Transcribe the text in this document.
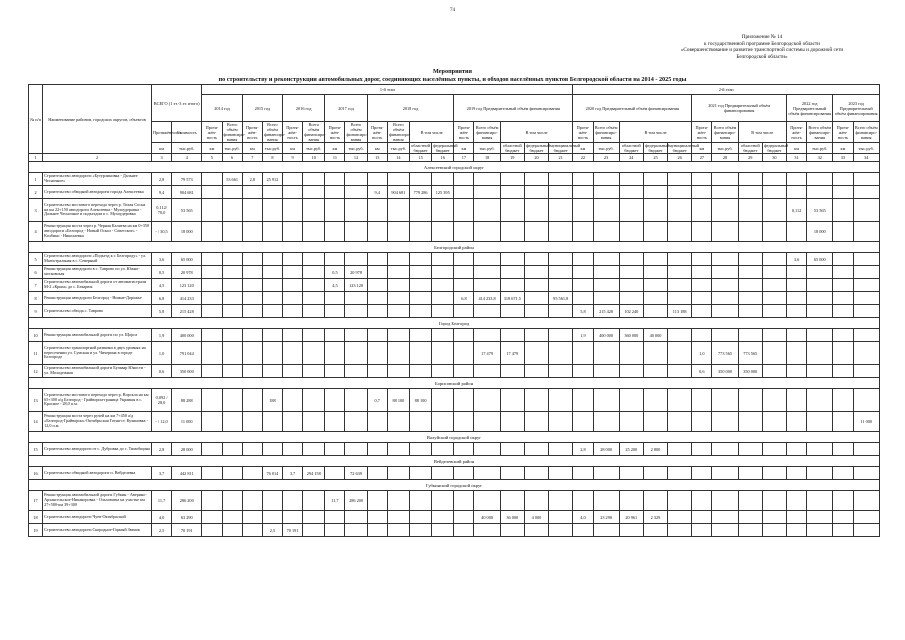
74
Приложение № 14
к государственной программе Белгородской области
«Совершенствование и развитие транспортной системы и дорожной сети
Белгородской области»
Мероприятия
по строительству и реконструкции автомобильных дорог, соединяющих населённых пункты, и обходов населённых пунктов Белгородской области на 2014 - 2025 годы
№ п/п	Наименование районов, городских округов, объектов	ВСЕГО (1 эт.-3 эт. итого)		1-й этап																	2-й этап												
				2014 год		2015 год		2016 год		2017 год		2018 год				2019 год Предварительный объём финансирования					2020 год Предварительный объём финансирования					2021 год Предварительный объём финансирования				2022 год Предварительный объём финансирования		2023 год Предварительный объём финансирования	
		Протяжённость	Стоимость	Протя-жён-ность	Всего объём финансиро-вания	Протя-жён-ность	Всего объём финансиро-вания	Протя-жён-ность	Всего объём финансиро-вания	Протя-жён-ность	Всего объём финансиро-вания	Протя-жён-ность	Всего объём финансиро-вания	В том числе		Протя-жён-ность	Всего объём финансиро-вания	В том числе			Протя-жён-ность	Всего объём финансиро-вания	В том числе			Протя-жён-ность	Всего объём финансиро-вания	В том числе		Протя-жён-ность	Всего объём финансиро-вания	Протя-жён-ность	Всего объём финансиро-вания
		км	тыс.руб.	км	тыс.руб.	км	тыс.руб.	км	тыс.руб.	км	тыс.руб.	км	тыс.руб.	областной бюджет	федеральный бюджет	км	тыс.руб.	областной бюджет	федеральный бюджет	муниципальный бюджет	км	тыс.руб.	областной бюджет	федеральный бюджет	муниципальный бюджет	км	тыс.руб.	областной бюджет	федеральный бюджет	км	тыс.руб.	км	тыс.руб.
1	2	3	4	5	6	7	8	9	10	11	12	13	14	15	16	17	18	19	20	21	22	23	24	25	26	27	28	29	30	31	32	33	34
Алексеевский городской округ																																	
1	Строительство автодороги «Бутурлиновка - Дальнее Чесночное»	2,8	79 573		53 661	2,8	25 912																										
2	Строительство обводной автодороги города Алексеевка	9,4	904 681									9,4	904 681	779 286	125 395																		
3	Строительство мостового перехода через р. Тихая Сосна на км 22+150 автодороги Алексеевка - Мухоудеровка - Дальнее Чесночное и подъездом к с. Мухоудеровка	0,112/ 70,0	53 565																											0,112	53 565		
4	Реконструкция моста через р. Черная Калитва на км 0+350 автодороги «Белгород - Новый Оскол - Советское» - Колбино - Николаевка	- / 30,5	18 000																												18 000		
Белгородский район																																	
5	Строительство автодороги «Подъезд к г. Белгороду» - ул. Магистральная в с. Северный	3,6	65 000																											3,6	65 000		
6	Реконструкция автодороги в с. Таврово по ул. Южно-московская	0,5	20 978							0,5	20 978																						
7	Строительство автомобильной дороги от автомагистрали М-2 «Крым» до с. Бекарюк	4,5	123 120							4,5	123 120																						
8	Реконструкция автодороги Белгород - Нижне-Дорожье	6,8	414 233													6,8	414 233,8	318 671,5		95 561,8													
9	Строительство обхода с. Таврово	5,8	215 428																		5,8	215 428	102 240		113 188								
Город Белгород																																	
10	Реконструкция автомобильной дороги по ул. Щорса	1,9	400 000																		1,9	400 000	360 000	40 000									
11	Строительство транспортной развязки в двух уровнях на пересечении ул. Сумская и ул. Чичерина в городе Белгороде	1,0	791 044														17 479	17 479								1,0	773 565	773 565					
12	Строительство автомобильной дороги Бульвар Юности - ул. Молодежная	0,6	350 000																							0,6	350 000	350 000					
Борисовский район																																	
13	Строительство мостового перехода через р. Ворскла на км 65+300 а/д Белгород - Грайворон-граница Украины в с. Красное - 28,0 п.м.	0,092 / 28,0	88 288				188					0,7	88 100	88 100																			
14	Реконструкция моста через ручей на км 7+450 а/д «Белгород-Грайворон»-Октябрьская Готня-ст. Кулиновка - 12,0 п.м.	- / 12,0	11 000																														11 000
Валуйский городской округ																																	
15	Строительство автодороги от с. Дубровка до с. Тимобщина	2,8	28 000																		2,8	28 000	25 200	2 800									
Вейделевский район																																	
16	Строительство обводной автодороги п. Вейделевка	3,7	442 811				76 014	3,7	294 158		72 639																						
Губкинский городской округ																																	
17	Реконструкция автомобильной дороги Губкин - Аверино-Архангельское-Никаноровка - Ольховатка на участке км 27+580-км 39+300	11,7	286 200							11,7	286 200																						
18	Строительство автодороги Чуев-Октябрьский	4,0	63 290														40 000	36 000	4 000		4,0	23 290	20 961	2 329									
19	Строительство автодороги Скородное-Горный Звенок	2,5	70 191				2,5	70 191																									
